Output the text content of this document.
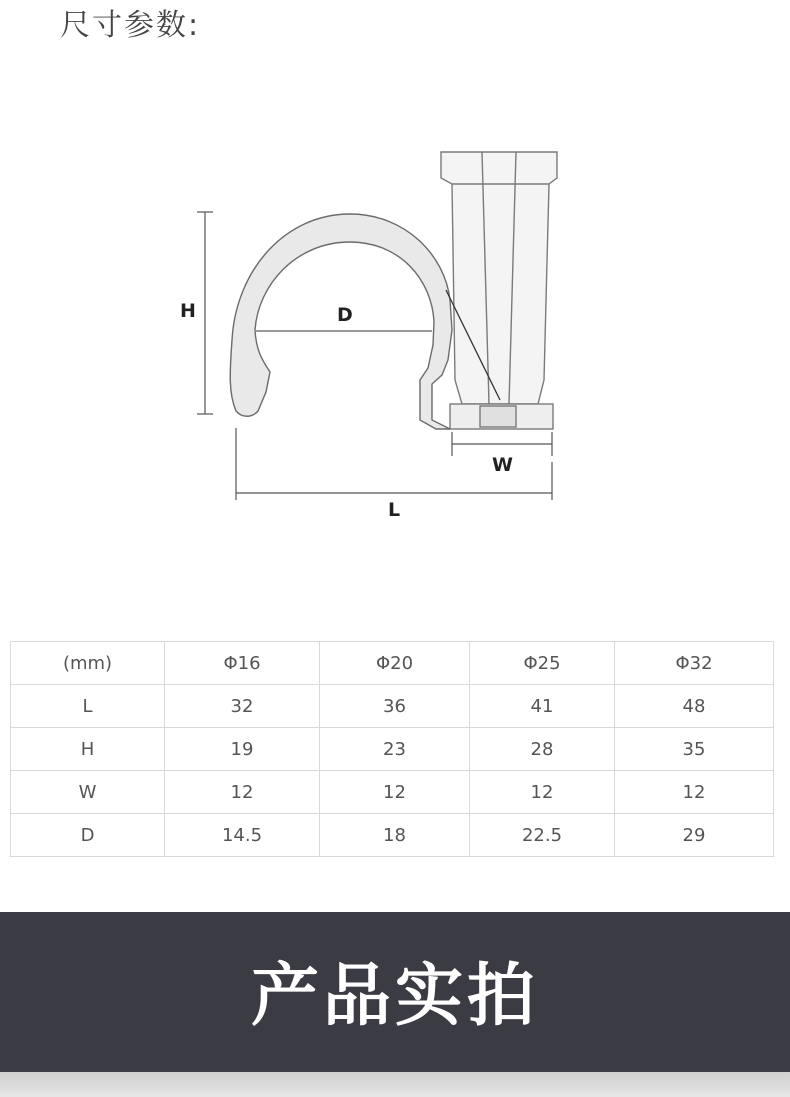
尺寸参数:
D
H
W
L
(mm)	Φ16	Φ20	Φ25	Φ32
L	32	36	41	48
H	19	23	28	35
W	12	12	12	12
D	14.5	18	22.5	29
产品实拍
